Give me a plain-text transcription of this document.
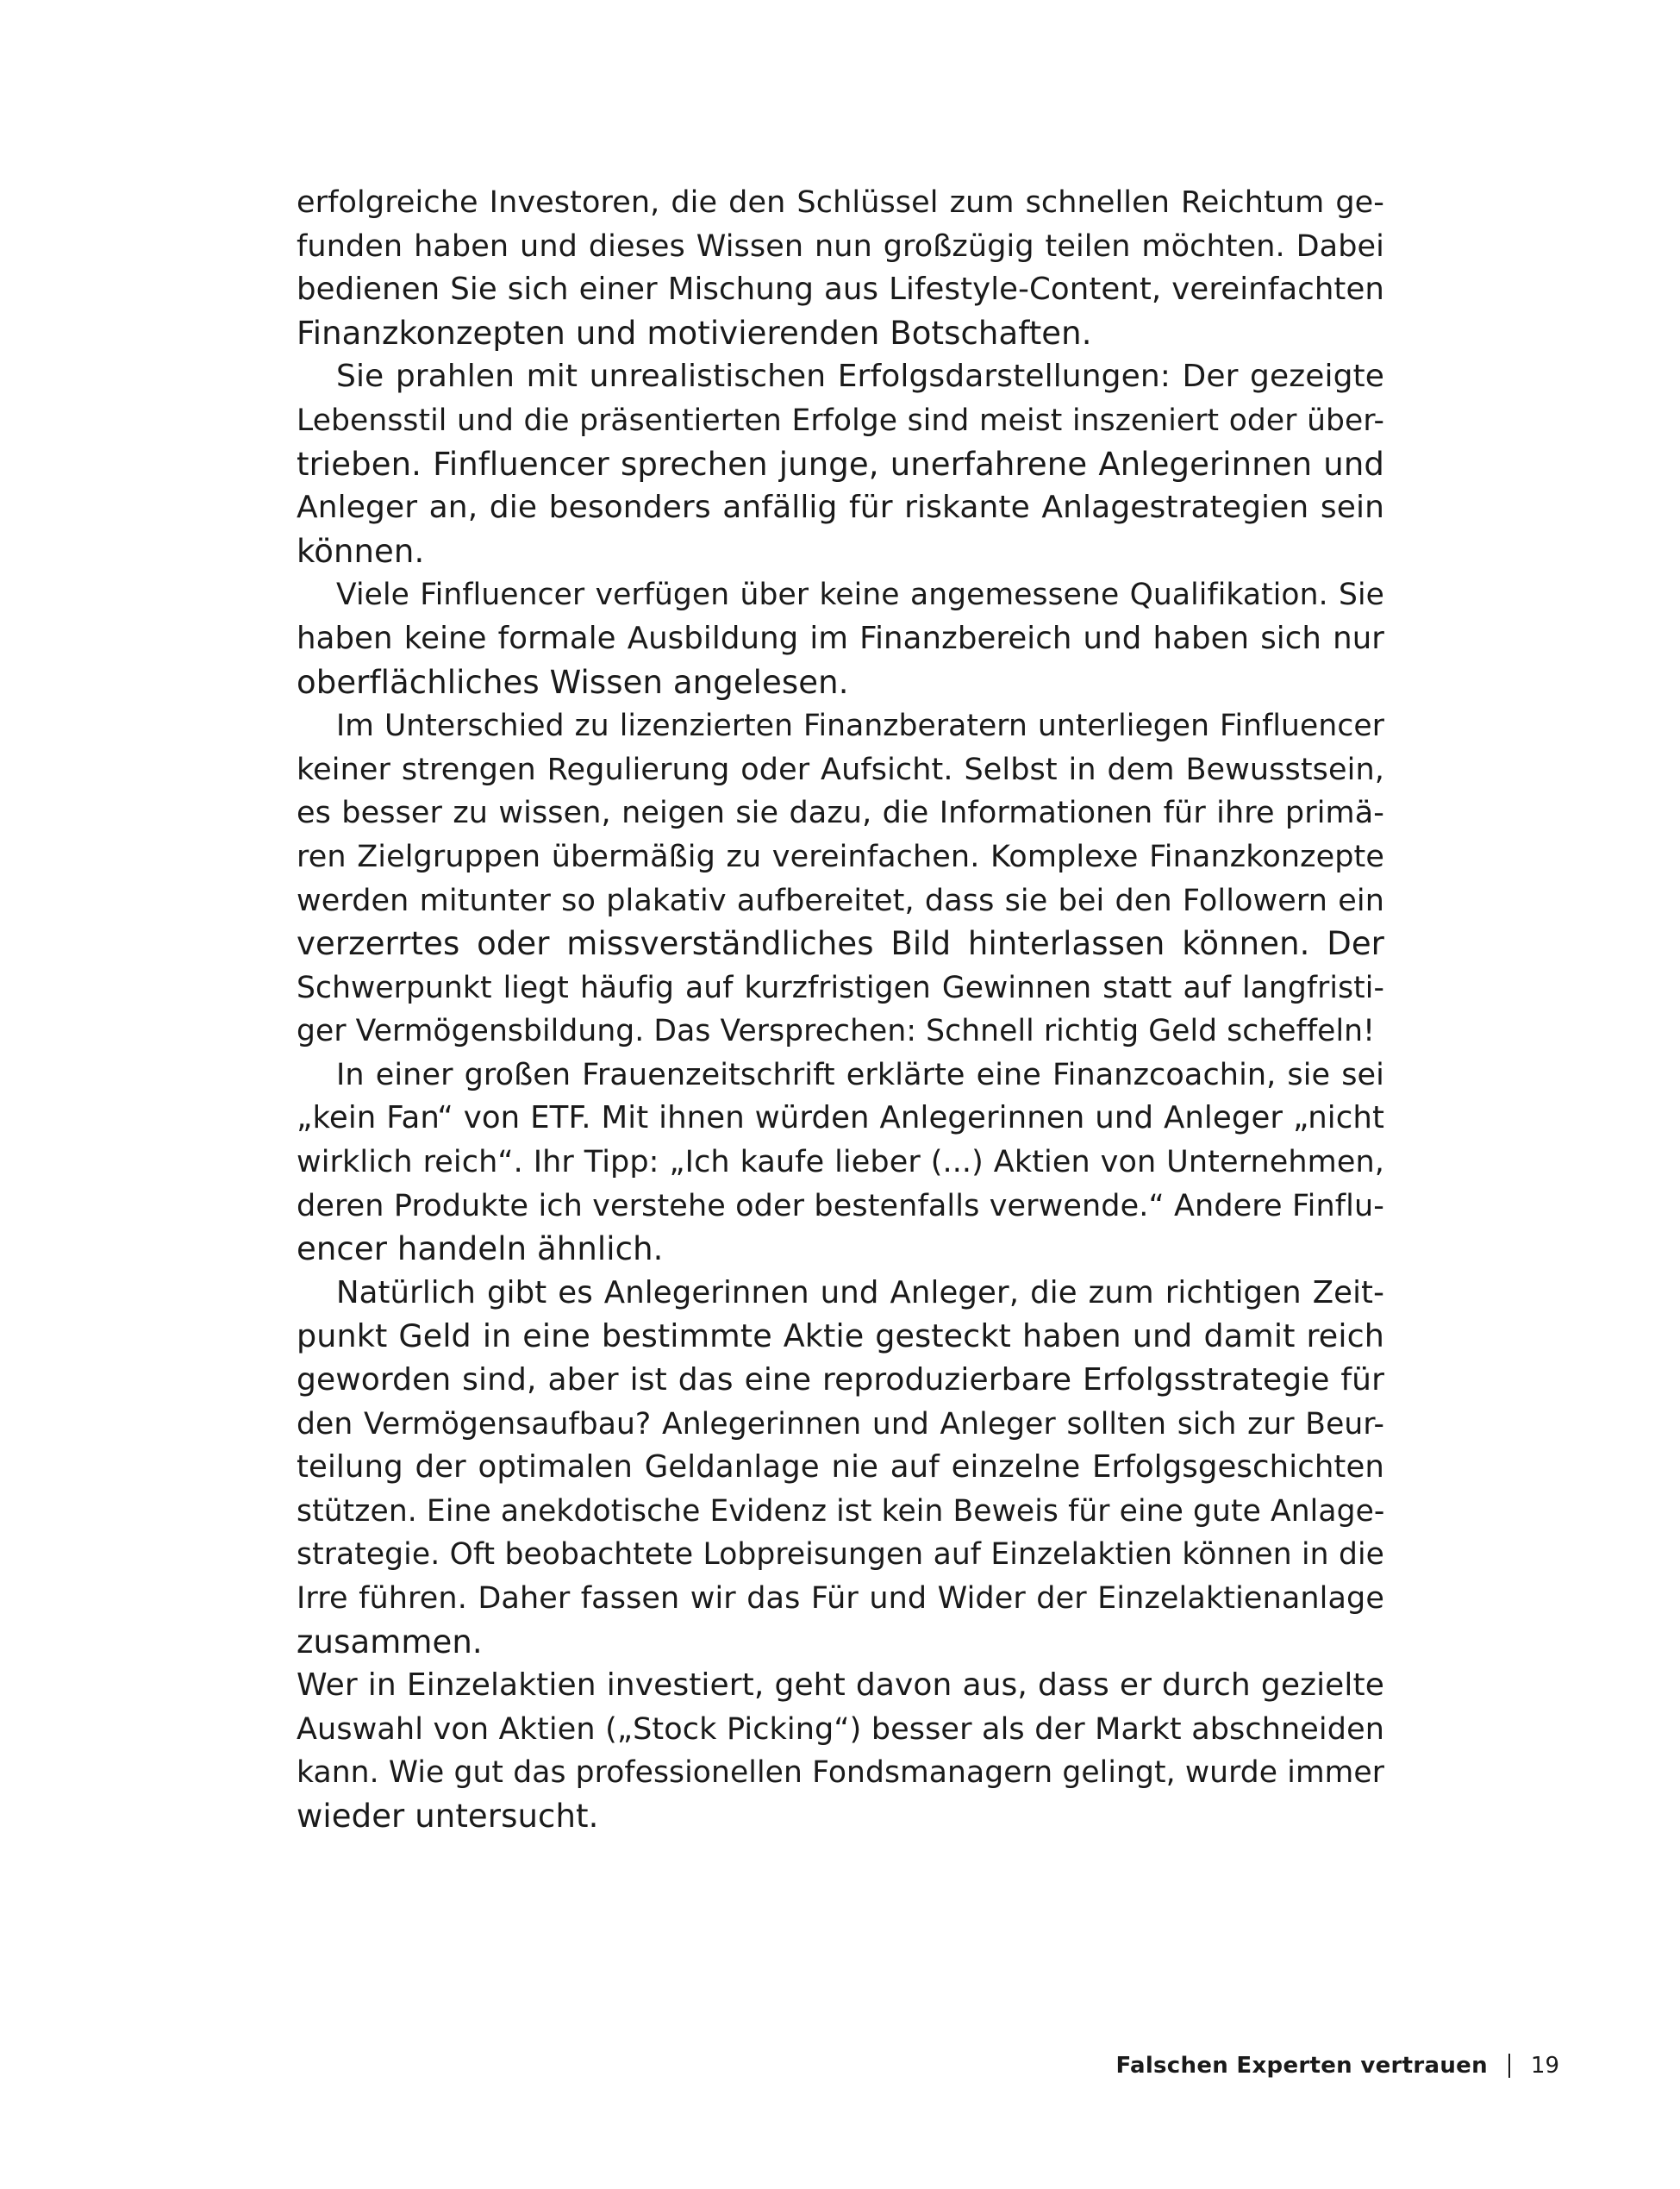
erfolgreiche Investoren, die den Schlüssel zum schnellen Reichtum ge-
funden haben und dieses Wissen nun großzügig teilen möchten. Dabei
bedienen Sie sich einer Mischung aus Lifestyle-Content, vereinfachten
Finanzkonzepten und motivierenden Botschaften.
Sie prahlen mit unrealistischen Erfolgsdarstellungen: Der gezeigte
Lebensstil und die präsentierten Erfolge sind meist inszeniert oder über-
trieben. Finfluencer sprechen junge, unerfahrene Anlegerinnen und
Anleger an, die besonders anfällig für riskante Anlagestrategien sein
können.
Viele Finfluencer verfügen über keine angemessene Qualifikation. Sie
haben keine formale Ausbildung im Finanzbereich und haben sich nur
oberflächliches Wissen angelesen.
Im Unterschied zu lizenzierten Finanzberatern unterliegen Finfluencer
keiner strengen Regulierung oder Aufsicht. Selbst in dem Bewusstsein,
es besser zu wissen, neigen sie dazu, die Informationen für ihre primä-
ren Zielgruppen übermäßig zu vereinfachen. Komplexe Finanzkonzepte
werden mitunter so plakativ aufbereitet, dass sie bei den Followern ein
verzerrtes oder missverständliches Bild hinterlassen können. Der
Schwerpunkt liegt häufig auf kurzfristigen Gewinnen statt auf langfristi-
ger Vermögensbildung. Das Versprechen: Schnell richtig Geld scheffeln!
In einer großen Frauenzeitschrift erklärte eine Finanzcoachin, sie sei
„kein Fan“ von ETF. Mit ihnen würden Anlegerinnen und Anleger „nicht
wirklich reich“. Ihr Tipp: „Ich kaufe lieber (...) Aktien von Unternehmen,
deren Produkte ich verstehe oder bestenfalls verwende.“ Andere Finflu-
encer handeln ähnlich.
Natürlich gibt es Anlegerinnen und Anleger, die zum richtigen Zeit-
punkt Geld in eine bestimmte Aktie gesteckt haben und damit reich
geworden sind, aber ist das eine reproduzierbare Erfolgsstrategie für
den Vermögensaufbau? Anlegerinnen und Anleger sollten sich zur Beur-
teilung der optimalen Geldanlage nie auf einzelne Erfolgsgeschichten
stützen. Eine anekdotische Evidenz ist kein Beweis für eine gute Anlage-
strategie. Oft beobachtete Lobpreisungen auf Einzelaktien können in die
Irre führen. Daher fassen wir das Für und Wider der Einzelaktienanlage
zusammen.
Wer in Einzelaktien investiert, geht davon aus, dass er durch gezielte
Auswahl von Aktien („Stock Picking“) besser als der Markt abschneiden
kann. Wie gut das professionellen Fondsmanagern gelingt, wurde immer
wieder untersucht.
Falschen Experten vertrauen 19
